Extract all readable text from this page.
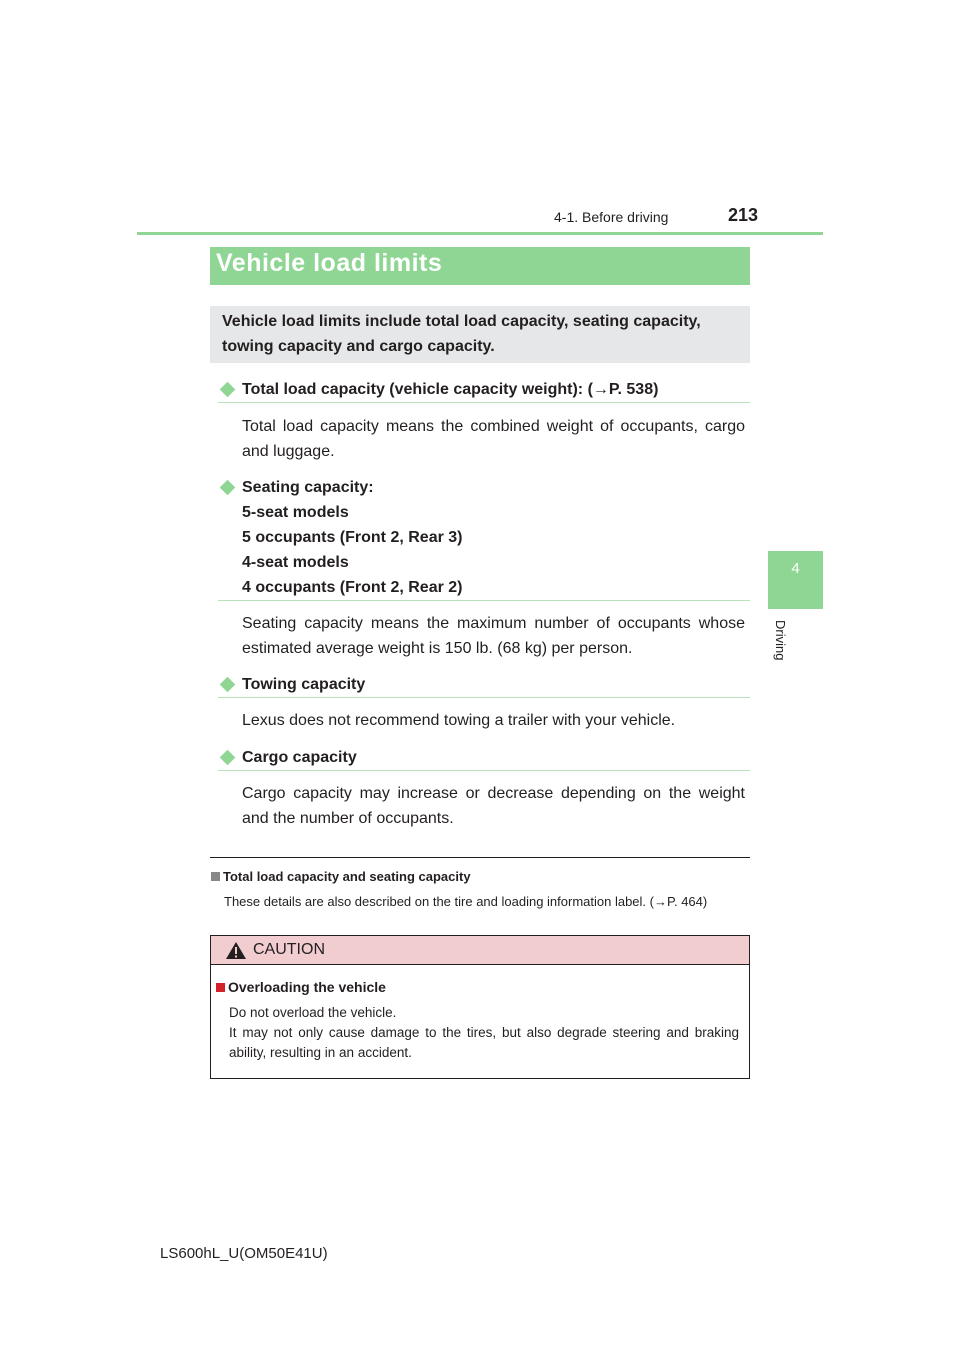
4-1. Before driving	213
4
Driving
Vehicle load limits
Vehicle load limits include total load capacity, seating capacity, towing capacity and cargo capacity.
Total load capacity (vehicle capacity weight): (→P. 538)
Total load capacity means the combined weight of occupants, cargo and luggage.
Seating capacity:
5-seat models
5 occupants (Front 2, Rear 3)
4-seat models
4 occupants (Front 2, Rear 2)
Seating capacity means the maximum number of occupants whose estimated average weight is 150 lb. (68 kg) per person.
Towing capacity
Lexus does not recommend towing a trailer with your vehicle.
Cargo capacity
Cargo capacity may increase or decrease depending on the weight and the number of occupants.
Total load capacity and seating capacity
These details are also described on the tire and loading information label. (→P. 464)
CAUTION
Overloading the vehicle
Do not overload the vehicle.
It may not only cause damage to the tires, but also degrade steering and braking ability, resulting in an accident.
LS600hL_U(OM50E41U)
